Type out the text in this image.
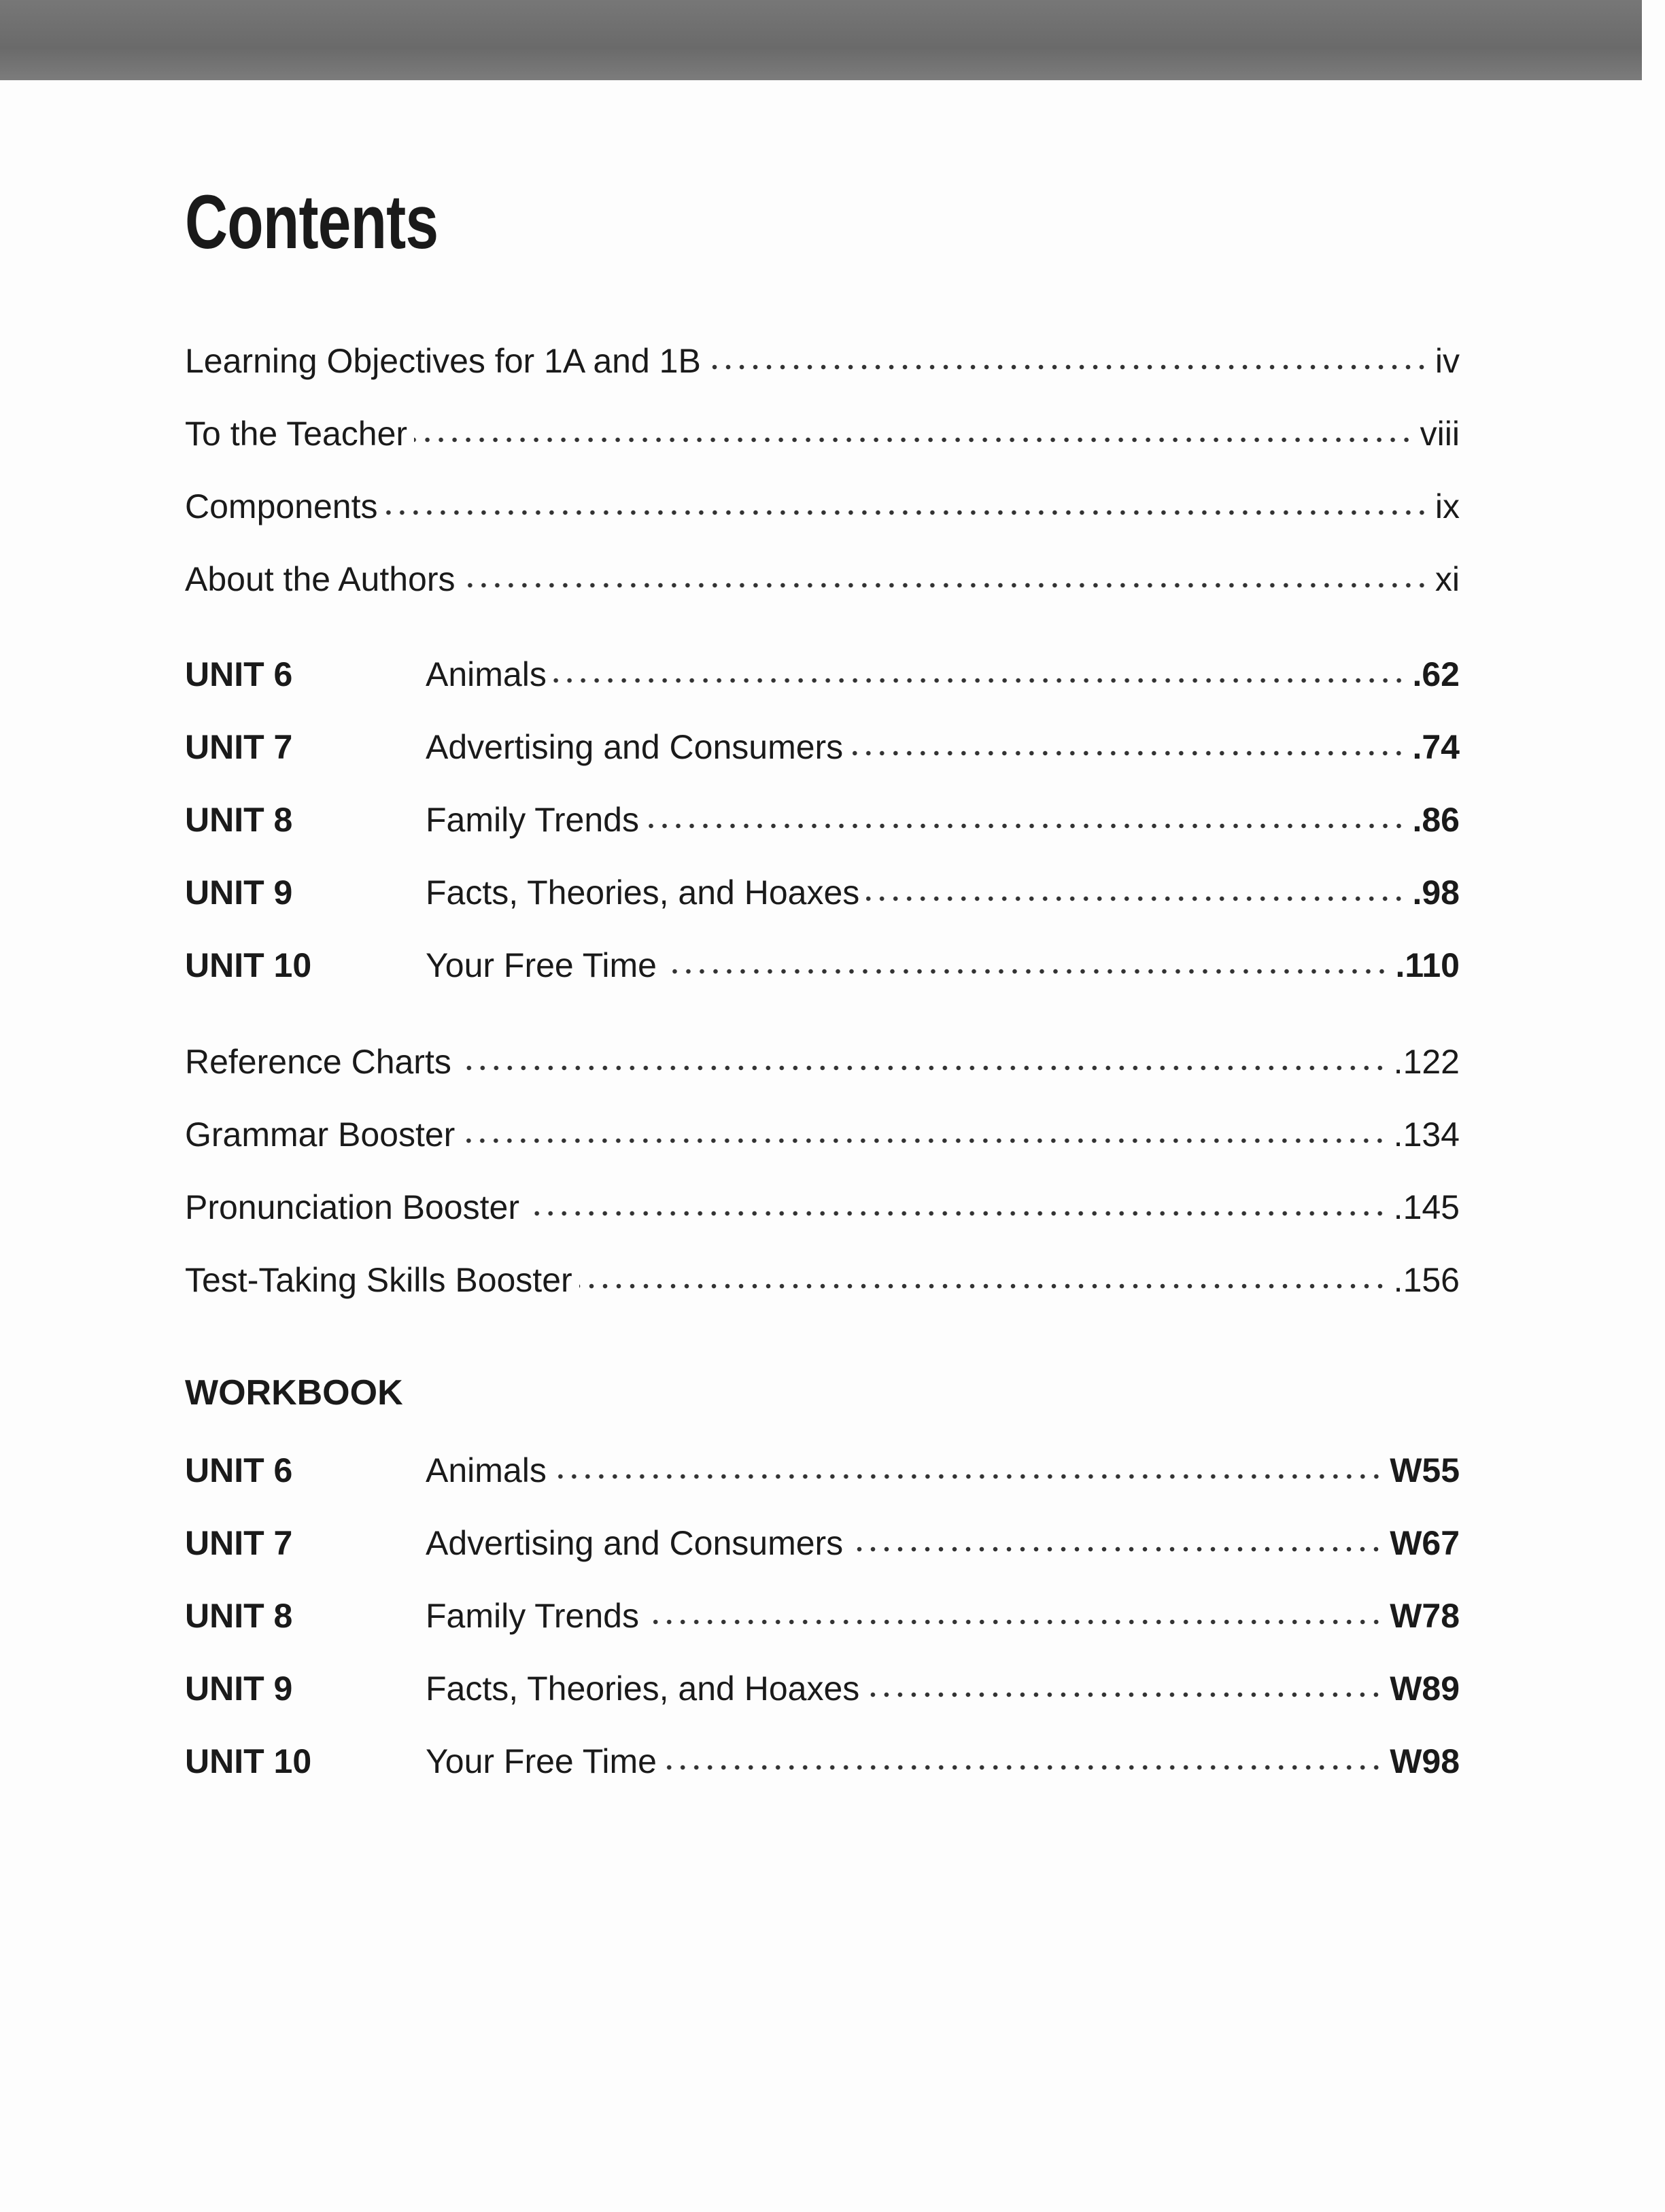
Contents
Learning Objectives for 1A and 1B	iv
To the Teacher	viii
Components	ix
About the Authors	xi
UNIT 6	Animals	.62
UNIT 7	Advertising and Consumers	.74
UNIT 8	Family Trends	.86
UNIT 9	Facts, Theories, and Hoaxes	.98
UNIT 10	Your Free Time	.110
Reference Charts	.122
Grammar Booster	.134
Pronunciation Booster	.145
Test-Taking Skills Booster	.156
UNIT 6	Animals	W55
UNIT 7	Advertising and Consumers	W67
UNIT 8	Family Trends	W78
UNIT 9	Facts, Theories, and Hoaxes	W89
UNIT 10	Your Free Time	W98
WORKBOOK
